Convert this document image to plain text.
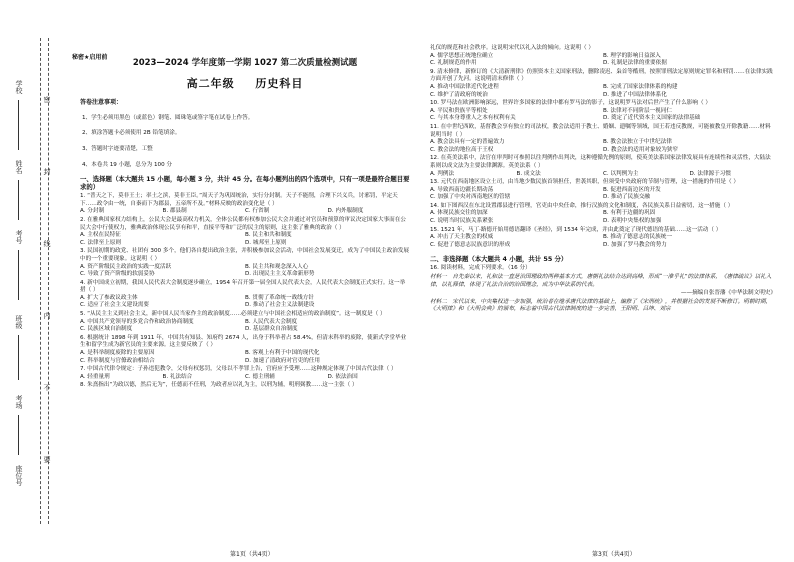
学校
姓名
考号
班级
考场
座位号
密
封
线
内
不
要
秘密★启用前
2023—2024 学年度第一学期 1027 第二次质量检测试题
高二年级 历史科目
答卷注意事项：
1、学生必须用黑色（或蓝色）钢笔、圆珠笔或签字笔在试卷上作答。
2、填涂答题卡必须使用 2B 铅笔填涂。
3、答题时字迹要清楚，工整
4、本卷共 19 小题，总分为 100 分
一、选择题（本大题共 15 小题，每小题 3 分，共计 45 分。在每小题列出的四个选项中，只有一项是最符合题目要求的）
1. “普天之下，莫非王土；率土之滨，莫非王臣。”周天子为巩固统治，实行分封制。天子不能削，合理下兴义兵，讨邪罚，平定天下……政令由一统，自秦而下为郡县，五帝所不及。”材料反映的政治变化是（ ）
A. 分封制	B. 郡县制	C. 行省制	D. 内外服制度
2. 在雅典国家权力结构上，公民大会是最高权力机关，全体公民都有权参加公民大会并通过对官员和预算的审议决定国家大事而在公民大会中行使权力，雅典政治体现公民享有和平，直接平等和广泛的民主的原则，这主张了雅典的政治（ ）
A. 主权在民特征	B. 民主和共和制度
C. 法律至上原则	D. 城邦至上原则
3. 民国初期的政党、社团有 300 多个，他们各自提出政治主张，并积极参加议会活动，中国社会发展变迁，成为了中国民主政治发展中的一个重要现象。这说明（ ）
A. 资产阶级民主政治的实践一度活跃	B. 民主共和观念深入人心
C. 导致了资产阶级的软弱妥协	D. 出现民主主义革命新形势
4. 新中国成立初期，我国人民代表大会制度逐步确立，1954 年召开第一届全国人民代表大会，人民代表大会制度正式实行。这一举措（ ）
A. 扩大了参政议政主体	B. 贯彻了革命统一战线方针
C. 适应了社会主义建设需要	D. 推动了社会主义法制建设
5. “从民主主义到社会主义，新中国人民当家作主的政治制度……必须建立与中国社会相适应的政治制度”。这一制度是（ ）
A. 中国共产党领导的多党合作和政治协商制度	B. 人民代表大会制度
C. 民族区域自治制度	D. 基层群众自治制度
6. 根据统计 1898 年到 1911 年，中国共有知县、知府约 2674 人，出身于科举者占 58.4%，但清末科举的废除，使新式学堂毕业生和留学生成为新官员的主要来源。这主要反映了（ ）
A. 是科举制度废除的主要原因	B. 客观上有利于中国的现代化
C. 科举制度与官僚政治相结合	D. 加速了清政府对官吏的任用
7. 中国古代律令规定：子孙违犯教令，父母有权惩罚，父母以不孝罪上告，官府应予受理……这种规定体现了中国古代法律（ ）
A. 轻重量刑	B. 礼法结合	C. 德主刑辅	D. 依法治国
8. 朱熹指出“为政以德，然后无为”，任德而不任刑，为政者应以礼为主，以刑为辅，明刑弼教……这一主张（ ）
礼仪的规范和社会秩序。这说明宋代以礼入法的倾向。这说明（ ）
A. 儒学思想正统地位确立	B. 理学的影响日益深入
C. 礼制规范的作用	D. 礼制是法律的重要依据
9. 清末修律，新修订的《大清新刑律》仿照资本主义国家刑法，删除凌迟、枭首等酷刑，按照罪刑法定原则规定罪名和刑罚……在法律实践方面开创了先河。这说明清末修律（ ）
A. 推动中国法律近代化进程	B. 完成了国家法律体系的构建
C. 维护了清政府的统治	D. 推进了中国法律体系化
10. 罗马法在欧洲影响深远，世界许多国家的法律中都有罗马法的影子，这说明罗马法对后世产生了什么影响（ ）
A. 平民和贵族平等相处	B. 法律对不同阶层一视同仁
C. 与其本身尊重人之本有权利有关	D. 奠定了近代资本主义国家的法律基础
11. 在中世纪西欧，基督教会享有独立的司法权，教会法适用于教士、婚姻、遗嘱等领域，国王若违反教规，可能被教皇开除教籍……材料说明当时（ ）
A. 教会法具有一定的普遍效力	B. 教会法独立于中世纪法律
C. 教会法的地位高于王权	D. 教会法的适用对象较为狭窄
12. 在英美法系中，法官在审判时可参照以往判例作出判决，这种遵循先例的原则，使英美法系国家法律发展具有连续性和灵活性，大陆法系则以成文法为主要法律渊源。英美法系（ ）
A. 判例法	B. 成文法	C. 以判例为主	D. 法律源于习惯
13. 元代在西南地区设立土司，由当地少数民族首领担任，世袭其职，但须受中央政府的节制与管理，这一措施的作用是（ ）
A. 导致西南边疆长期动荡	B. 促进西南边区的开发
C. 加强了中央对西南地区的管辖	D. 推动了民族交融
14. 如下图西汉在东北设置郡县进行管理，官吏由中央任命，推行汉族的文化和制度，各民族关系日益密切，这一措施（ ）
A. 体现民族交往的加深	B. 有利于边疆的巩固
C. 说明当时民族关系紧张	D. 表明中央集权的加强
15. 1521 年，马丁·路德开始用德语翻译《圣经》，到 1534 年完成，并由此奠定了现代德语的基础……这一活动（ ）
A. 冲击了天主教会的权威	B. 推动了德意志的民族统一
C. 促进了德意志民族意识的形成	D. 加强了罗马教会的势力
二、非选择题（本大题共 4 小题，共计 55 分）
16. 阅读材料，完成下列要求。（16 分）
材料一　自先秦以来，礼和法一直是治国理政的两种基本方式，唐朝礼法结合达到高峰，形成“一准乎礼”的法律体系，《唐律疏议》以礼入律，以礼释律，体现了礼法合治的治国理念，成为中华法系的代表。
——摘编自张晋藩《中华法制文明史》
材料二　宋代以来，中央集权进一步加强，统治者在继承唐代法律的基础上，编修了《宋刑统》，并根据社会的发展不断修订。明朝时期，《大明律》和《大明会典》的颁布，标志着中国古代法律制度的进一步完善，王阳明、吕坤、刘宗
第1页（共4页）	第3页（共4页）
